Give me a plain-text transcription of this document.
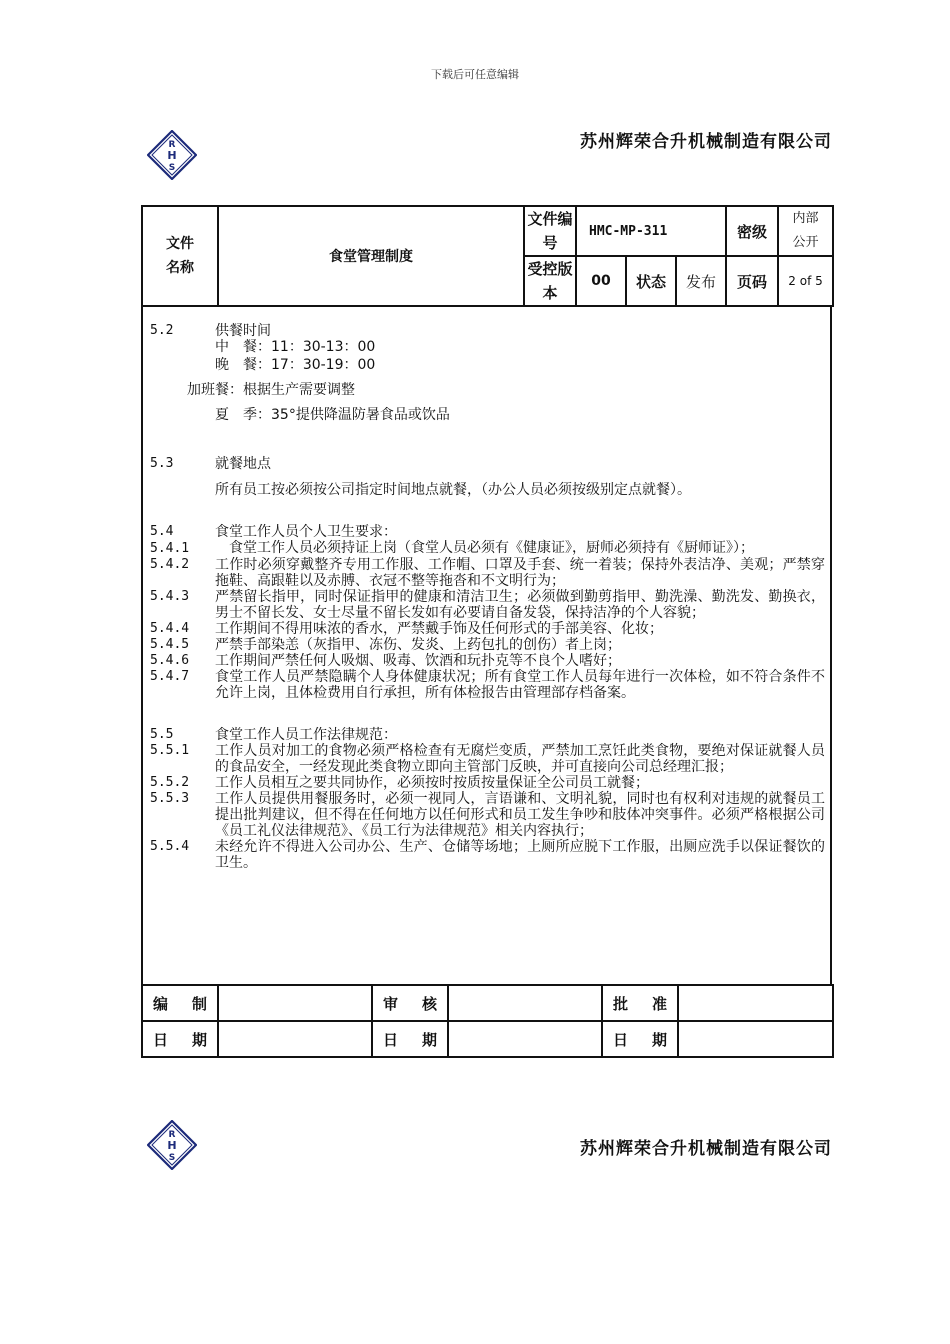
下载后可任意编辑
R
H
S
苏州辉荣合升机械制造有限公司
文件
名称	食堂管理制度	文件编号	HMC-MP-311			密级	内部公开
		受控版本	00	状态	发布	页码	2 of 5
5.2	供餐时间
中　餐：11：30-13：00
晚　餐：17：30-19：00
加班餐：根据生产需要调整
夏　季：35°提供降温防暑食品或饮品
5.3	就餐地点
所有员工按必须按公司指定时间地点就餐，（办公人员必须按级别定点就餐）。
5.4	食堂工作人员个人卫生要求：
5.4.1　食堂工作人员必须持证上岗（食堂人员必须有《健康证》，厨师必须持有《厨师证》）；
5.4.2	工作时必须穿戴整齐专用工作服、工作帽、口罩及手套、统一着装；保持外表洁净、美观；严禁穿拖鞋、高跟鞋以及赤膊、衣冠不整等拖沓和不文明行为；
5.4.3	严禁留长指甲，同时保证指甲的健康和清洁卫生；必须做到勤剪指甲、勤洗澡、勤洗发、勤换衣，男士不留长发、女士尽量不留长发如有必要请自备发袋，保持洁净的个人容貌；
5.4.4	工作期间不得用味浓的香水，严禁戴手饰及任何形式的手部美容、化妆；
5.4.5	严禁手部染恙（灰指甲、冻伤、发炎、上药包扎的创伤）者上岗；
5.4.6	工作期间严禁任何人吸烟、吸毒、饮酒和玩扑克等不良个人嗜好；
5.4.7	食堂工作人员严禁隐瞒个人身体健康状况；所有食堂工作人员每年进行一次体检，如不符合条件不允许上岗，且体检费用自行承担，所有体检报告由管理部存档备案。
5.5	食堂工作人员工作法律规范：
5.5.1	工作人员对加工的食物必须严格检查有无腐烂变质，严禁加工烹饪此类食物，要绝对保证就餐人员的食品安全，一经发现此类食物立即向主管部门反映，并可直接向公司总经理汇报；
5.5.2	工作人员相互之要共同协作，必须按时按质按量保证全公司员工就餐；
5.5.3	工作人员提供用餐服务时，必须一视同人，言语谦和、文明礼貌，同时也有权利对违规的就餐员工提出批判建议，但不得在任何地方以任何形式和员工发生争吵和肢体冲突事件。必须严格根据公司《员工礼仪法律规范》、《员工行为法律规范》相关内容执行；
5.5.4	未经允许不得进入公司办公、生产、仓储等场地；上厕所应脱下工作服，出厕应洗手以保证餐饮的卫生。
编 制		审 核		批 准	

日 期		日 期		日 期	

R
H
S	苏州辉荣合升机械制造有限公司
